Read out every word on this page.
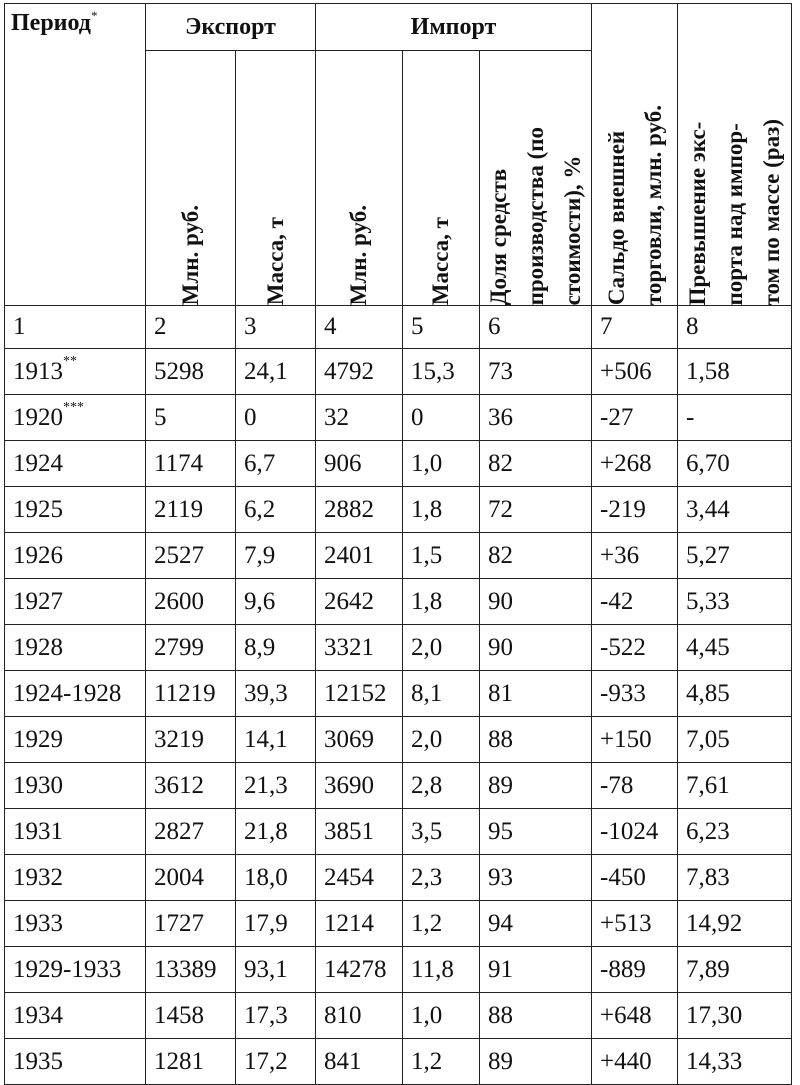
Период*	Экспорт		Импорт			Сальдо внешней торговли, млн. руб.	Превышение экс- порта над импор- том по массе (раз)

	Млн. руб.	Масса, т	Млн. руб.	Масса, т	Доля средств производства (по стоимости), %		

1	2	3	4	5	6	7	8
1913**	5298	24,1	4792	15,3	73	+506	1,58
1920***	5	0	32	0	36	-27	-
1924	1174	6,7	906	1,0	82	+268	6,70
1925	2119	6,2	2882	1,8	72	-219	3,44
1926	2527	7,9	2401	1,5	82	+36	5,27
1927	2600	9,6	2642	1,8	90	-42	5,33
1928	2799	8,9	3321	2,0	90	-522	4,45
1924-1928	11219	39,3	12152	8,1	81	-933	4,85
1929	3219	14,1	3069	2,0	88	+150	7,05
1930	3612	21,3	3690	2,8	89	-78	7,61
1931	2827	21,8	3851	3,5	95	-1024	6,23
1932	2004	18,0	2454	2,3	93	-450	7,83
1933	1727	17,9	1214	1,2	94	+513	14,92
1929-1933	13389	93,1	14278	11,8	91	-889	7,89
1934	1458	17,3	810	1,0	88	+648	17,30
1935	1281	17,2	841	1,2	89	+440	14,33
